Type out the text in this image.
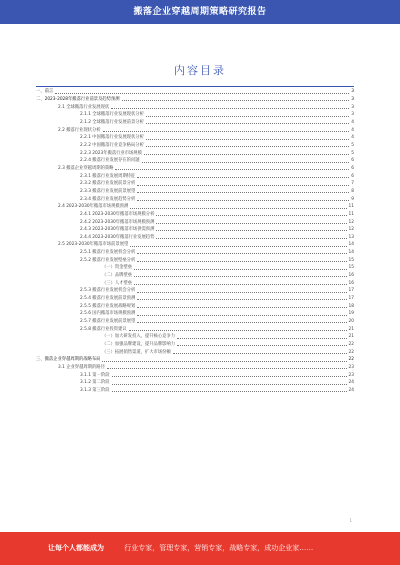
搬落企业穿越周期策略研究报告
内容目录
一、前言	3
二、2023-2028年搬落行业前景及趋势预测	3
2.1 全球搬落行业发展现状	3
2.1.1 全球搬落行业发展现状分析	3
2.1.2 全球搬落行业发展前景分析	4
2.2 搬落行业现状分析	4
2.2.1 中国搬落行业发展现状分析	4
2.2.2 中国搬落行业竞争格局分析	5
2.2.3 2023年搬落行业市场规模	5
2.2.4 搬落行业发展存在的问题	6
2.3 搬落企业穿越周期的策略	6
2.3.1 搬落行业发展周期特征	6
2.3.2 搬落行业发展前景分析	7
2.3.3 搬落行业发展前景展望	8
2.3.4 搬落行业发展趋势分析	9
2.4 2023-2030年搬落市场规模预测	11
2.4.1 2023-2030年搬落市场规模分析	11
2.4.2 2023-2030年搬落市场规模预测	12
2.4.3 2023-2030年搬落市场供需预测	12
2.4.4 2023-2030年搬落行业发展趋势	13
2.5 2023-2030年搬落市场前景展望	14
2.5.1 搬落行业发展机会分析	14
2.5.2 搬落行业发展壁垒分析	15
（一）资金壁垒	15
（二）品牌壁垒	16
（三）人才壁垒	16
2.5.3 搬落行业发展机会分析	17
2.5.4 搬落行业发展前景预测	17
2.5.5 搬落行业发展战略规划	18
2.5.6 国内搬落市场规模预测	19
2.5.7 搬落行业发展前景展望	20
2.5.8 搬落行业投资建议	21
（一）加大研发投入，提升核心竞争力	21
（二）加强品牌建设，提升品牌影响力	22
（三）拓展销售渠道，扩大市场份额	22
三、搬落企业穿越周期的战略布局	22
3.1 企业穿越周期的路径	23
3.1.1 第一阶段	23
3.1.2 第二阶段	24
3.1.3 第三阶段	24
1
让每个人都能成为	行业专家，管理专家，营销专家，战略专家，成功企业家……
